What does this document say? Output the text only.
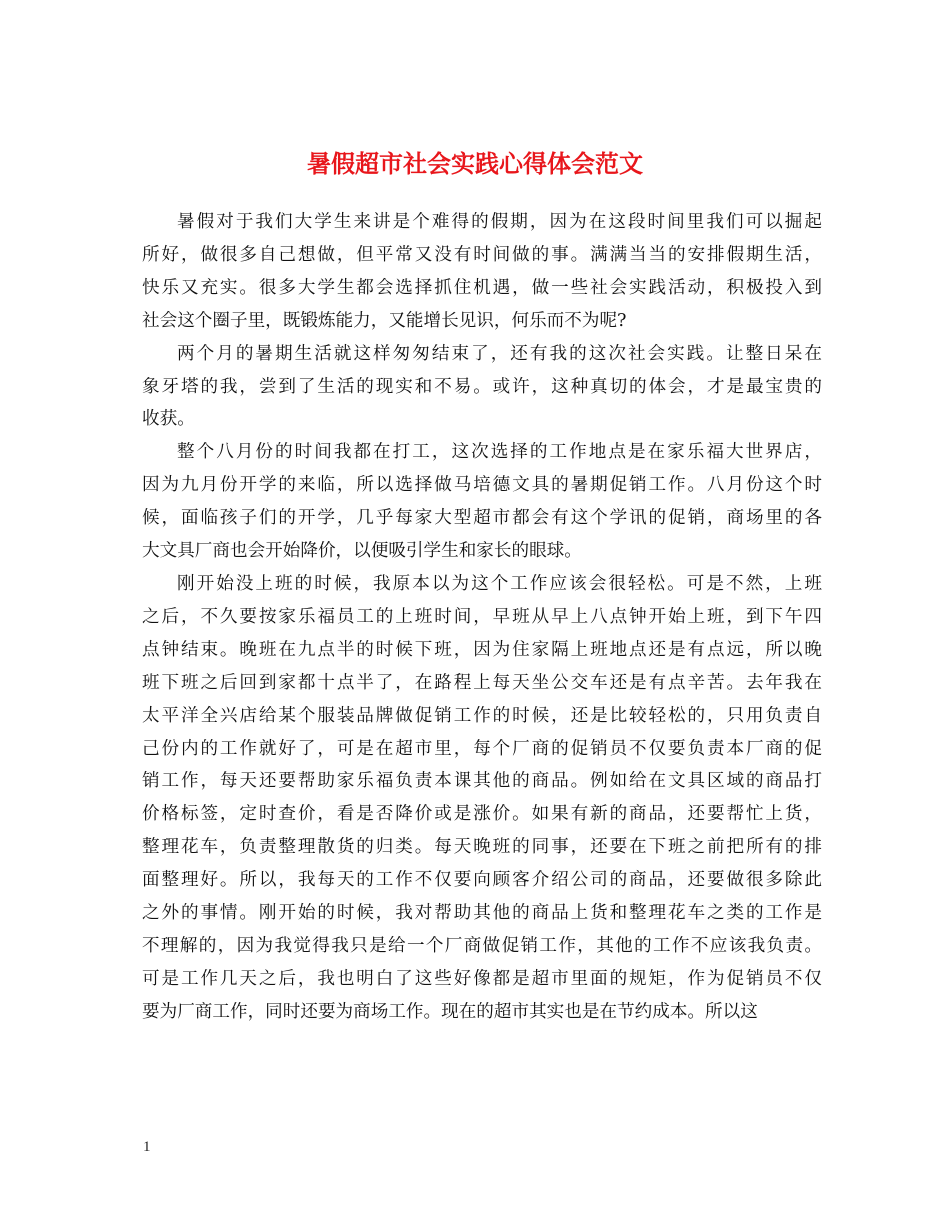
暑假超市社会实践心得体会范文

暑假对于我们大学生来讲是个难得的假期，因为在这段时间里我们可以掘起
所好，做很多自己想做，但平常又没有时间做的事。满满当当的安排假期生活，
快乐又充实。很多大学生都会选择抓住机遇，做一些社会实践活动，积极投入到
社会这个圈子里，既锻炼能力，又能增长见识，何乐而不为呢?

两个月的暑期生活就这样匆匆结束了，还有我的这次社会实践。让整日呆在
象牙塔的我，尝到了生活的现实和不易。或许，这种真切的体会，才是最宝贵的
收获。

整个八月份的时间我都在打工，这次选择的工作地点是在家乐福大世界店，
因为九月份开学的来临，所以选择做马培德文具的暑期促销工作。八月份这个时
候，面临孩子们的开学，几乎每家大型超市都会有这个学讯的促销，商场里的各
大文具厂商也会开始降价，以便吸引学生和家长的眼球。

刚开始没上班的时候，我原本以为这个工作应该会很轻松。可是不然，上班
之后，不久要按家乐福员工的上班时间，早班从早上八点钟开始上班，到下午四
点钟结束。晚班在九点半的时候下班，因为住家隔上班地点还是有点远，所以晚
班下班之后回到家都十点半了，在路程上每天坐公交车还是有点辛苦。去年我在
太平洋全兴店给某个服装品牌做促销工作的时候，还是比较轻松的，只用负责自
己份内的工作就好了，可是在超市里，每个厂商的促销员不仅要负责本厂商的促
销工作，每天还要帮助家乐福负责本课其他的商品。例如给在文具区域的商品打
价格标签，定时查价，看是否降价或是涨价。如果有新的商品，还要帮忙上货，
整理花车，负责整理散货的归类。每天晚班的同事，还要在下班之前把所有的排
面整理好。所以，我每天的工作不仅要向顾客介绍公司的商品，还要做很多除此
之外的事情。刚开始的时候，我对帮助其他的商品上货和整理花车之类的工作是
不理解的，因为我觉得我只是给一个厂商做促销工作，其他的工作不应该我负责。
可是工作几天之后，我也明白了这些好像都是超市里面的规矩，作为促销员不仅
要为厂商工作，同时还要为商场工作。现在的超市其实也是在节约成本。所以这

1
